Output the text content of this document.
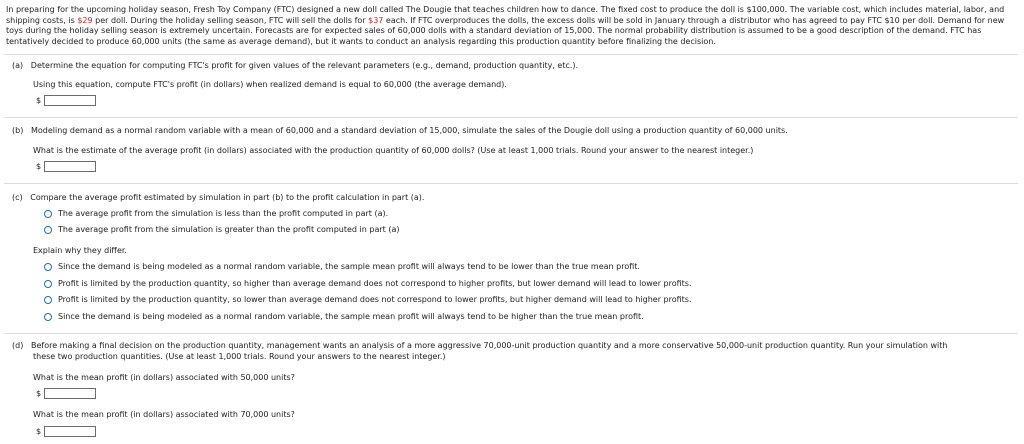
In preparing for the upcoming holiday season, Fresh Toy Company (FTC) designed a new doll called The Dougie that teaches children how to dance. The fixed cost to produce the doll is $100,000. The variable cost, which includes material, labor, and shipping costs, is $29 per doll. During the holiday selling season, FTC will sell the dolls for $37 each. If FTC overproduces the dolls, the excess dolls will be sold in January through a distributor who has agreed to pay FTC $10 per doll. Demand for new toys during the holiday selling season is extremely uncertain. Forecasts are for expected sales of 60,000 dolls with a standard deviation of 15,000. The normal probability distribution is assumed to be a good description of the demand. FTC has tentatively decided to produce 60,000 units (the same as average demand), but it wants to conduct an analysis regarding this production quantity before finalizing the decision.
(a) Determine the equation for computing FTC's profit for given values of the relevant parameters (e.g., demand, production quantity, etc.).
Using this equation, compute FTC's profit (in dollars) when realized demand is equal to 60,000 (the average demand).
$
(b) Modeling demand as a normal random variable with a mean of 60,000 and a standard deviation of 15,000, simulate the sales of the Dougie doll using a production quantity of 60,000 units.
What is the estimate of the average profit (in dollars) associated with the production quantity of 60,000 dolls? (Use at least 1,000 trials. Round your answer to the nearest integer.)
$
(c) Compare the average profit estimated by simulation in part (b) to the profit calculation in part (a).
The average profit from the simulation is less than the profit computed in part (a).
The average profit from the simulation is greater than the profit computed in part (a)
Explain why they differ.
Since the demand is being modeled as a normal random variable, the sample mean profit will always tend to be lower than the true mean profit.
Profit is limited by the production quantity, so higher than average demand does not correspond to higher profits, but lower demand will lead to lower profits.
Profit is limited by the production quantity, so lower than average demand does not correspond to lower profits, but higher demand will lead to higher profits.
Since the demand is being modeled as a normal random variable, the sample mean profit will always tend to be higher than the true mean profit.
(d) Before making a final decision on the production quantity, management wants an analysis of a more aggressive 70,000-unit production quantity and a more conservative 50,000-unit production quantity. Run your simulation with
these two production quantities. (Use at least 1,000 trials. Round your answers to the nearest integer.)
What is the mean profit (in dollars) associated with 50,000 units?
$
What is the mean profit (in dollars) associated with 70,000 units?
$
